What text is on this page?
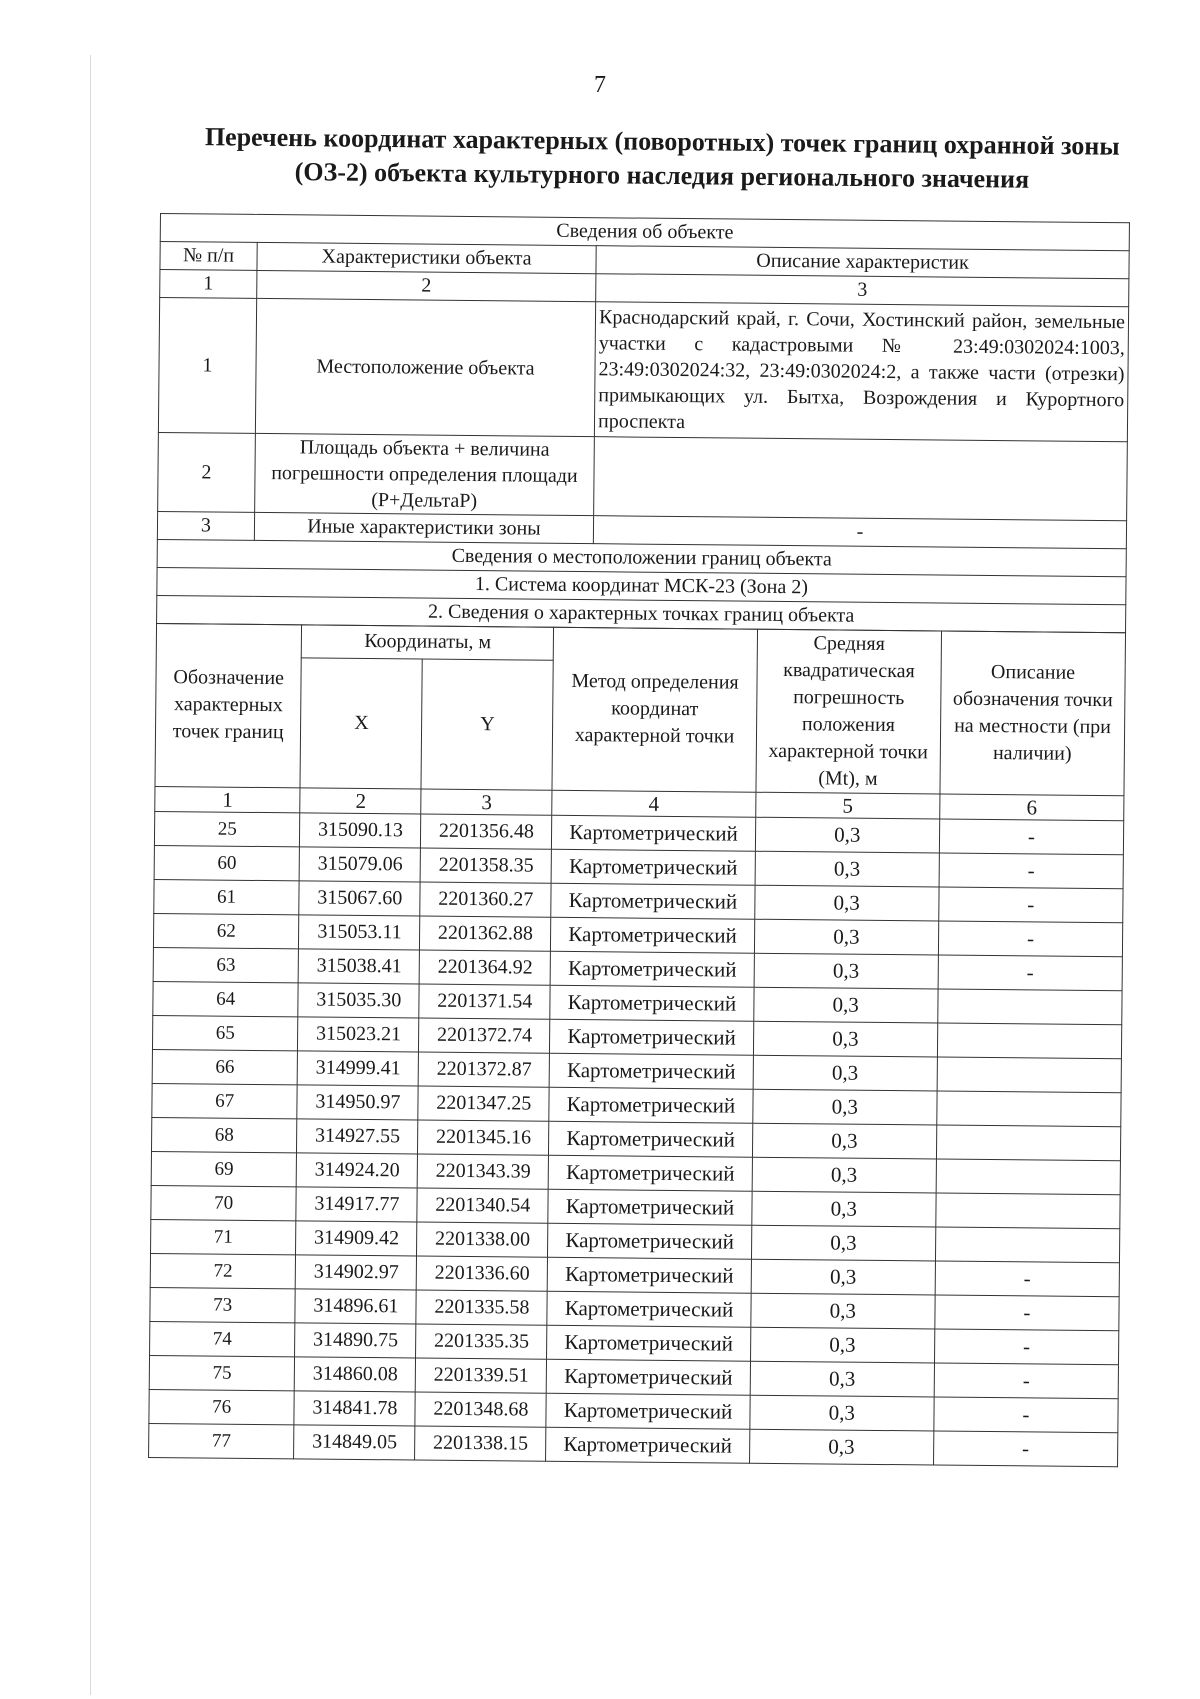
7
Перечень координат характерных (поворотных) точек границ охранной зоны (ОЗ-2) объекта культурного наследия регионального значения
Сведения об объекте		
№ п/п	Характеристики объекта	Описание характеристик
1	2	3
1	Местоположение объекта	Краснодарский край, г. Сочи, Хостинский район, земельные участки с кадастровыми № 23:49:0302024:1003, 23:49:0302024:32, 23:49:0302024:2, а также части (отрезки) примыкающих ул. Бытха, Возрождения и Курортного проспекта
2	Площадь объекта + величина погрешности определения площади (Р+ДельтаР)	
3	Иные характеристики зоны	-
Сведения о местоположении границ объекта		
1. Система координат МСК-23 (Зона 2)		
2. Сведения о характерных точках границ объекта		
Обозначение характерных точек границ	Координаты, м		Метод определения координат характерной точки	Средняя квадратическая погрешность положения характерной точки (Mt), м	Описание обозначения точки на местности (при наличии)
	X	Y			
1	2	3	4	5	6
25	315090.13	2201356.48	Картометрический	0,3	-
60	315079.06	2201358.35	Картометрический	0,3	-
61	315067.60	2201360.27	Картометрический	0,3	-
62	315053.11	2201362.88	Картометрический	0,3	-
63	315038.41	2201364.92	Картометрический	0,3	-
64	315035.30	2201371.54	Картометрический	0,3	
65	315023.21	2201372.74	Картометрический	0,3	
66	314999.41	2201372.87	Картометрический	0,3	
67	314950.97	2201347.25	Картометрический	0,3	
68	314927.55	2201345.16	Картометрический	0,3	
69	314924.20	2201343.39	Картометрический	0,3	
70	314917.77	2201340.54	Картометрический	0,3	
71	314909.42	2201338.00	Картометрический	0,3	
72	314902.97	2201336.60	Картометрический	0,3	-
73	314896.61	2201335.58	Картометрический	0,3	-
74	314890.75	2201335.35	Картометрический	0,3	-
75	314860.08	2201339.51	Картометрический	0,3	-
76	314841.78	2201348.68	Картометрический	0,3	-
77	314849.05	2201338.15	Картометрический	0,3	-
